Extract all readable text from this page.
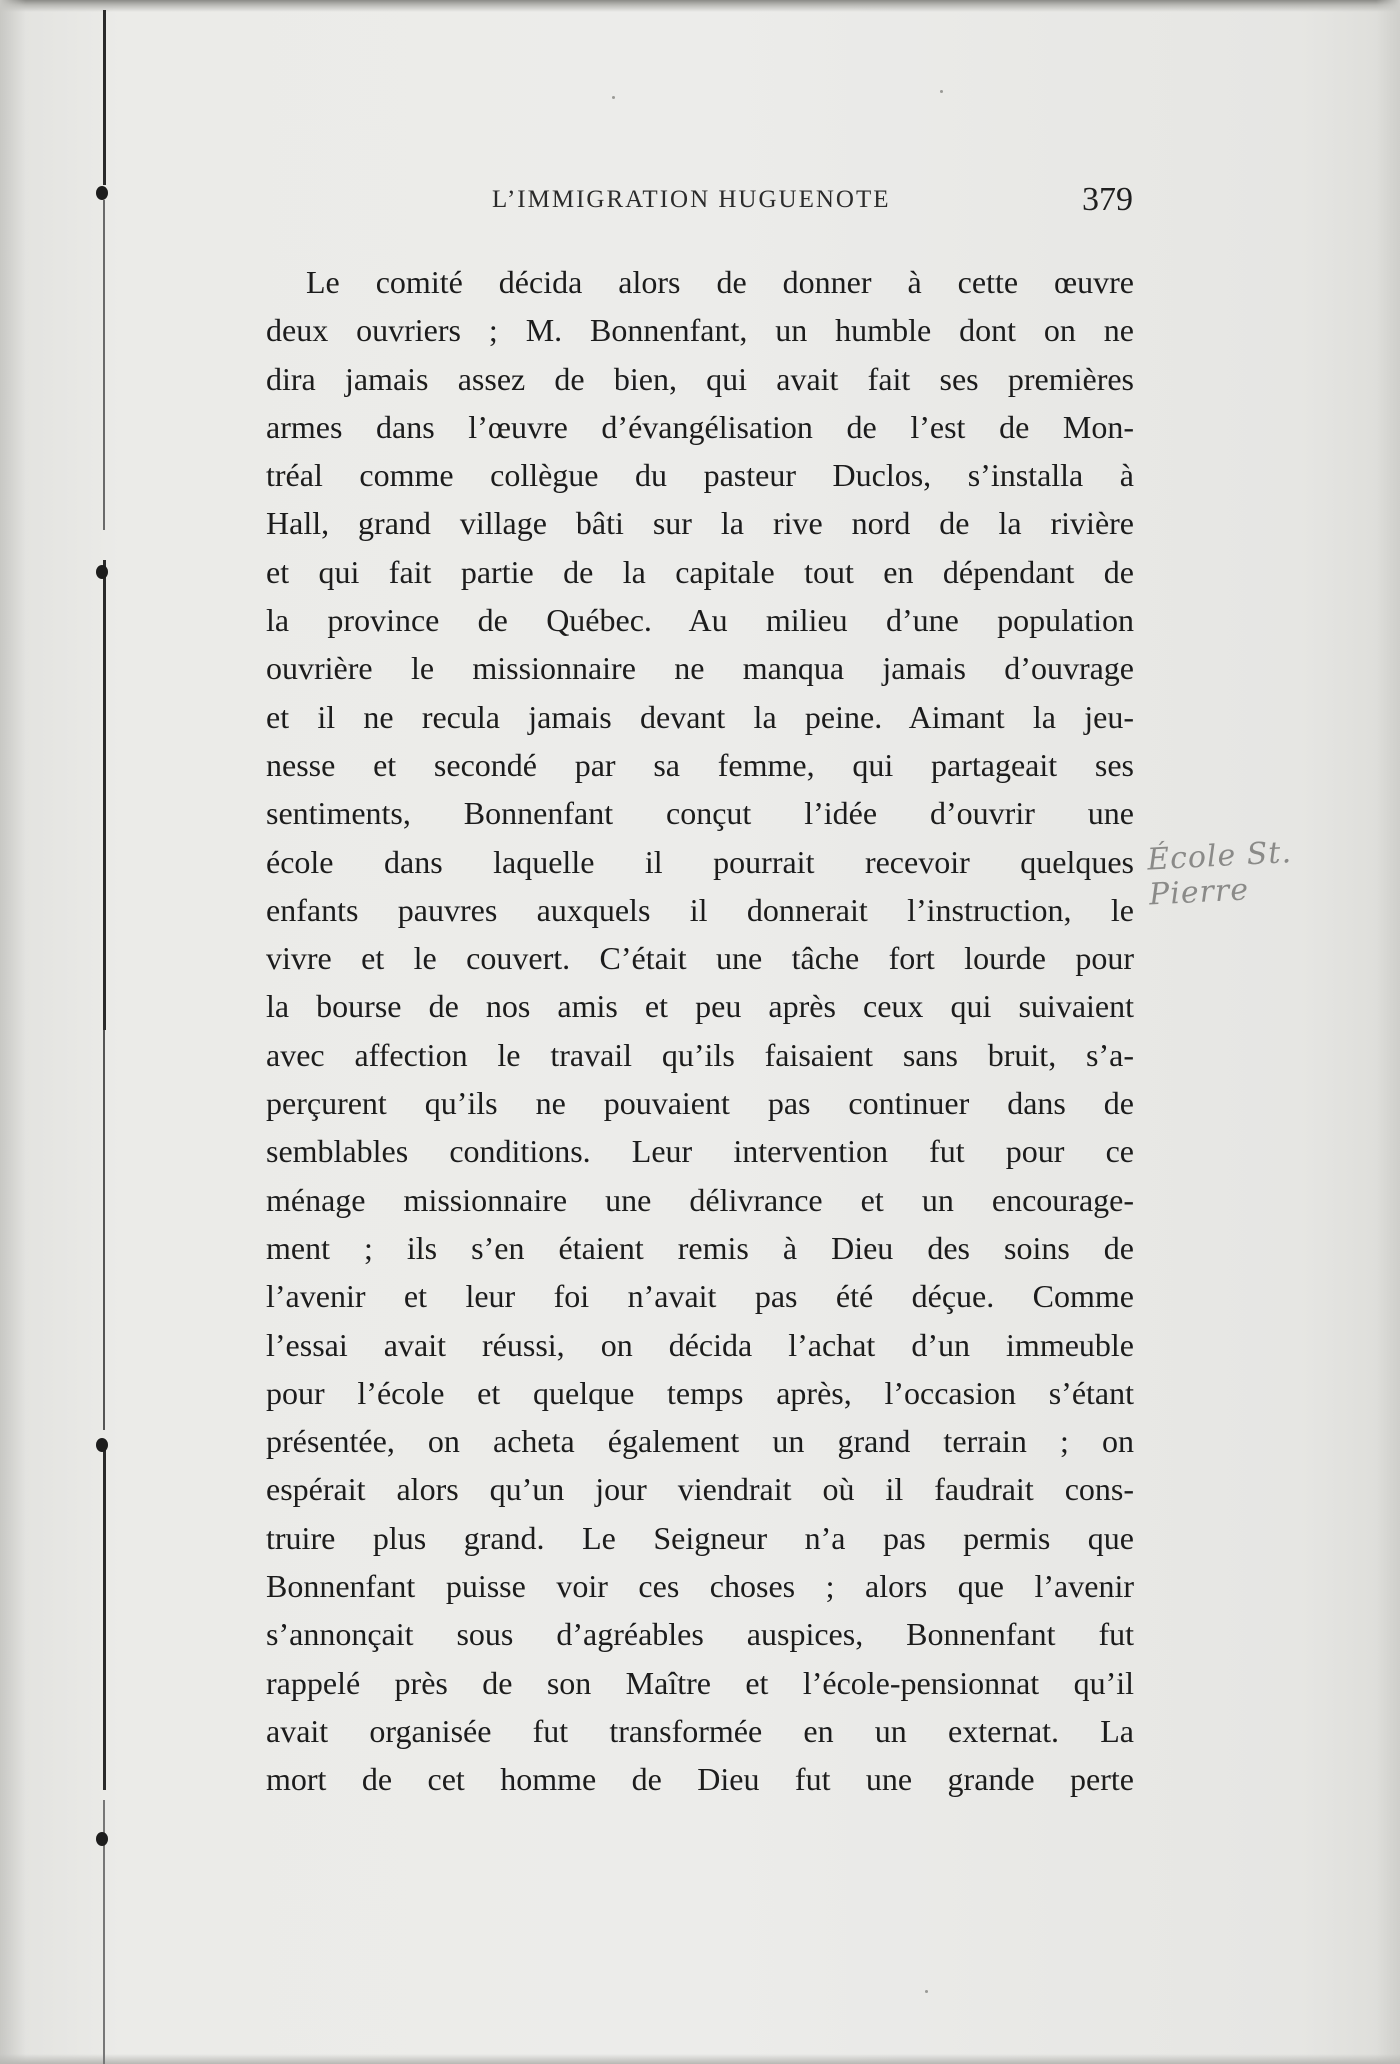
L’IMMIGRATION HUGUENOTE	379
Le comité décida alors de donner à cette œuvre
deux ouvriers ; M. Bonnenfant, un humble dont on ne
dira jamais assez de bien, qui avait fait ses premières
armes dans l’œuvre d’évangélisation de l’est de Mon-
tréal comme collègue du pasteur Duclos, s’installa à
Hall, grand village bâti sur la rive nord de la rivière
et qui fait partie de la capitale tout en dépendant de
la province de Québec. Au milieu d’une population
ouvrière le missionnaire ne manqua jamais d’ouvrage
et il ne recula jamais devant la peine. Aimant la jeu-
nesse et secondé par sa femme, qui partageait ses
sentiments, Bonnenfant conçut l’idée d’ouvrir une
école dans laquelle il pourrait recevoir quelques
enfants pauvres auxquels il donnerait l’instruction, le
vivre et le couvert. C’était une tâche fort lourde pour
la bourse de nos amis et peu après ceux qui suivaient
avec affection le travail qu’ils faisaient sans bruit, s’a-
perçurent qu’ils ne pouvaient pas continuer dans de
semblables conditions. Leur intervention fut pour ce
ménage missionnaire une délivrance et un encourage-
ment ; ils s’en étaient remis à Dieu des soins de
l’avenir et leur foi n’avait pas été déçue. Comme
l’essai avait réussi, on décida l’achat d’un immeuble
pour l’école et quelque temps après, l’occasion s’étant
présentée, on acheta également un grand terrain ; on
espérait alors qu’un jour viendrait où il faudrait cons-
truire plus grand. Le Seigneur n’a pas permis que
Bonnenfant puisse voir ces choses ; alors que l’avenir
s’annonçait sous d’agréables auspices, Bonnenfant fut
rappelé près de son Maître et l’école-pensionnat qu’il
avait organisée fut transformée en un externat. La
mort de cet homme de Dieu fut une grande perte
École St. Pierre
